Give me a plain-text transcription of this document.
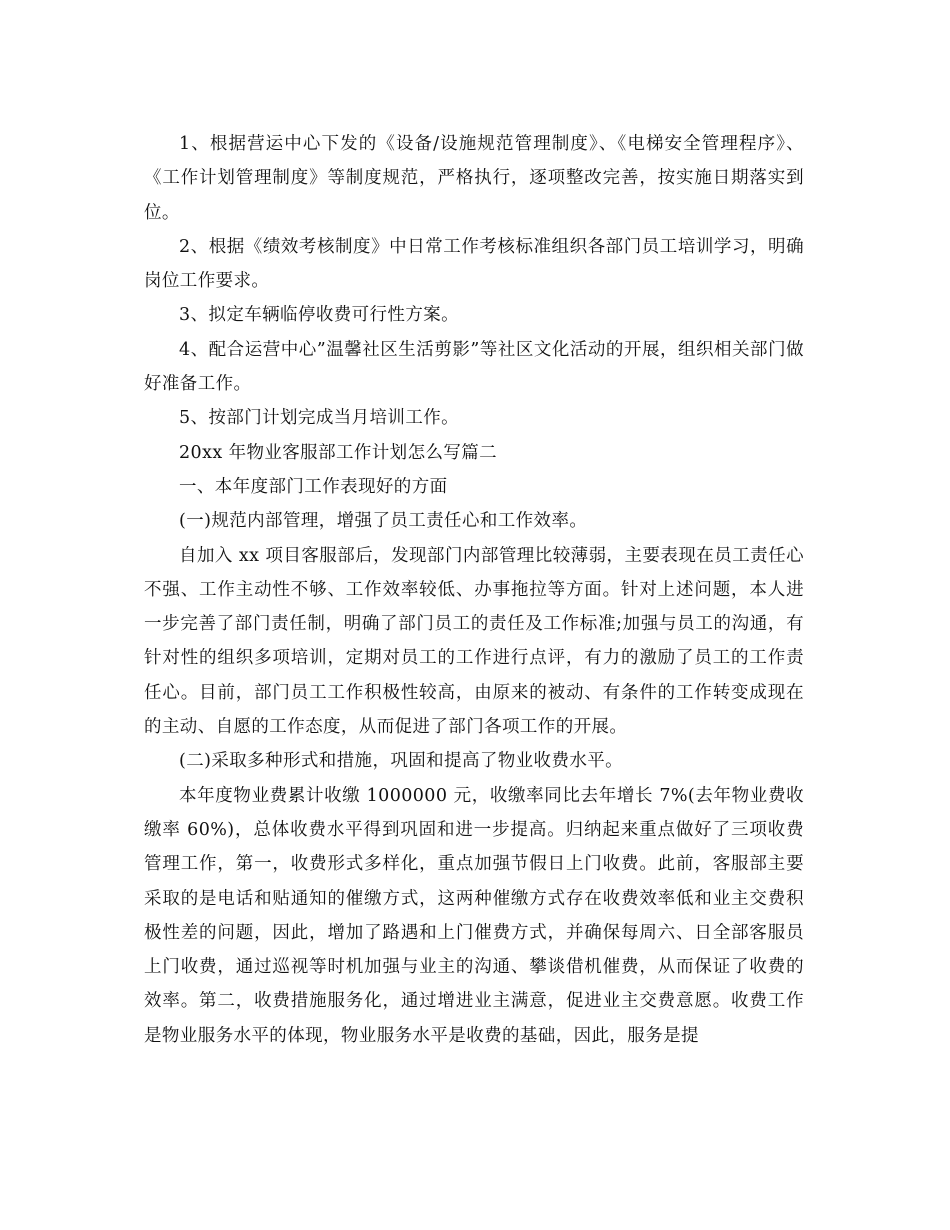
1、根据营运中心下发的《设备/设施规范管理制度》、《电梯安全管理程序》、《工作计划管理制度》等制度规范，严格执行，逐项整改完善，按实施日期落实到位。

2、根据《绩效考核制度》中日常工作考核标准组织各部门员工培训学习，明确岗位工作要求。

3、拟定车辆临停收费可行性方案。

4、配合运营中心”温馨社区生活剪影”等社区文化活动的开展，组织相关部门做好准备工作。

5、按部门计划完成当月培训工作。

20xx 年物业客服部工作计划怎么写篇二

一、本年度部门工作表现好的方面

(一)规范内部管理，增强了员工责任心和工作效率。

自加入 xx 项目客服部后，发现部门内部管理比较薄弱，主要表现在员工责任心不强、工作主动性不够、工作效率较低、办事拖拉等方面。针对上述问题，本人进一步完善了部门责任制，明确了部门员工的责任及工作标准;加强与员工的沟通，有针对性的组织多项培训，定期对员工的工作进行点评，有力的激励了员工的工作责任心。目前，部门员工工作积极性较高，由原来的被动、有条件的工作转变成现在的主动、自愿的工作态度，从而促进了部门各项工作的开展。

(二)采取多种形式和措施，巩固和提高了物业收费水平。

本年度物业费累计收缴 1000000 元，收缴率同比去年增长 7%(去年物业费收缴率 60%)，总体收费水平得到巩固和进一步提高。归纳起来重点做好了三项收费管理工作，第一，收费形式多样化，重点加强节假日上门收费。此前，客服部主要采取的是电话和贴通知的催缴方式，这两种催缴方式存在收费效率低和业主交费积极性差的问题，因此，增加了路遇和上门催费方式，并确保每周六、日全部客服员上门收费，通过巡视等时机加强与业主的沟通、攀谈借机催费，从而保证了收费的效率。第二，收费措施服务化，通过增进业主满意，促进业主交费意愿。收费工作是物业服务水平的体现，物业服务水平是收费的基础，因此，服务是提
